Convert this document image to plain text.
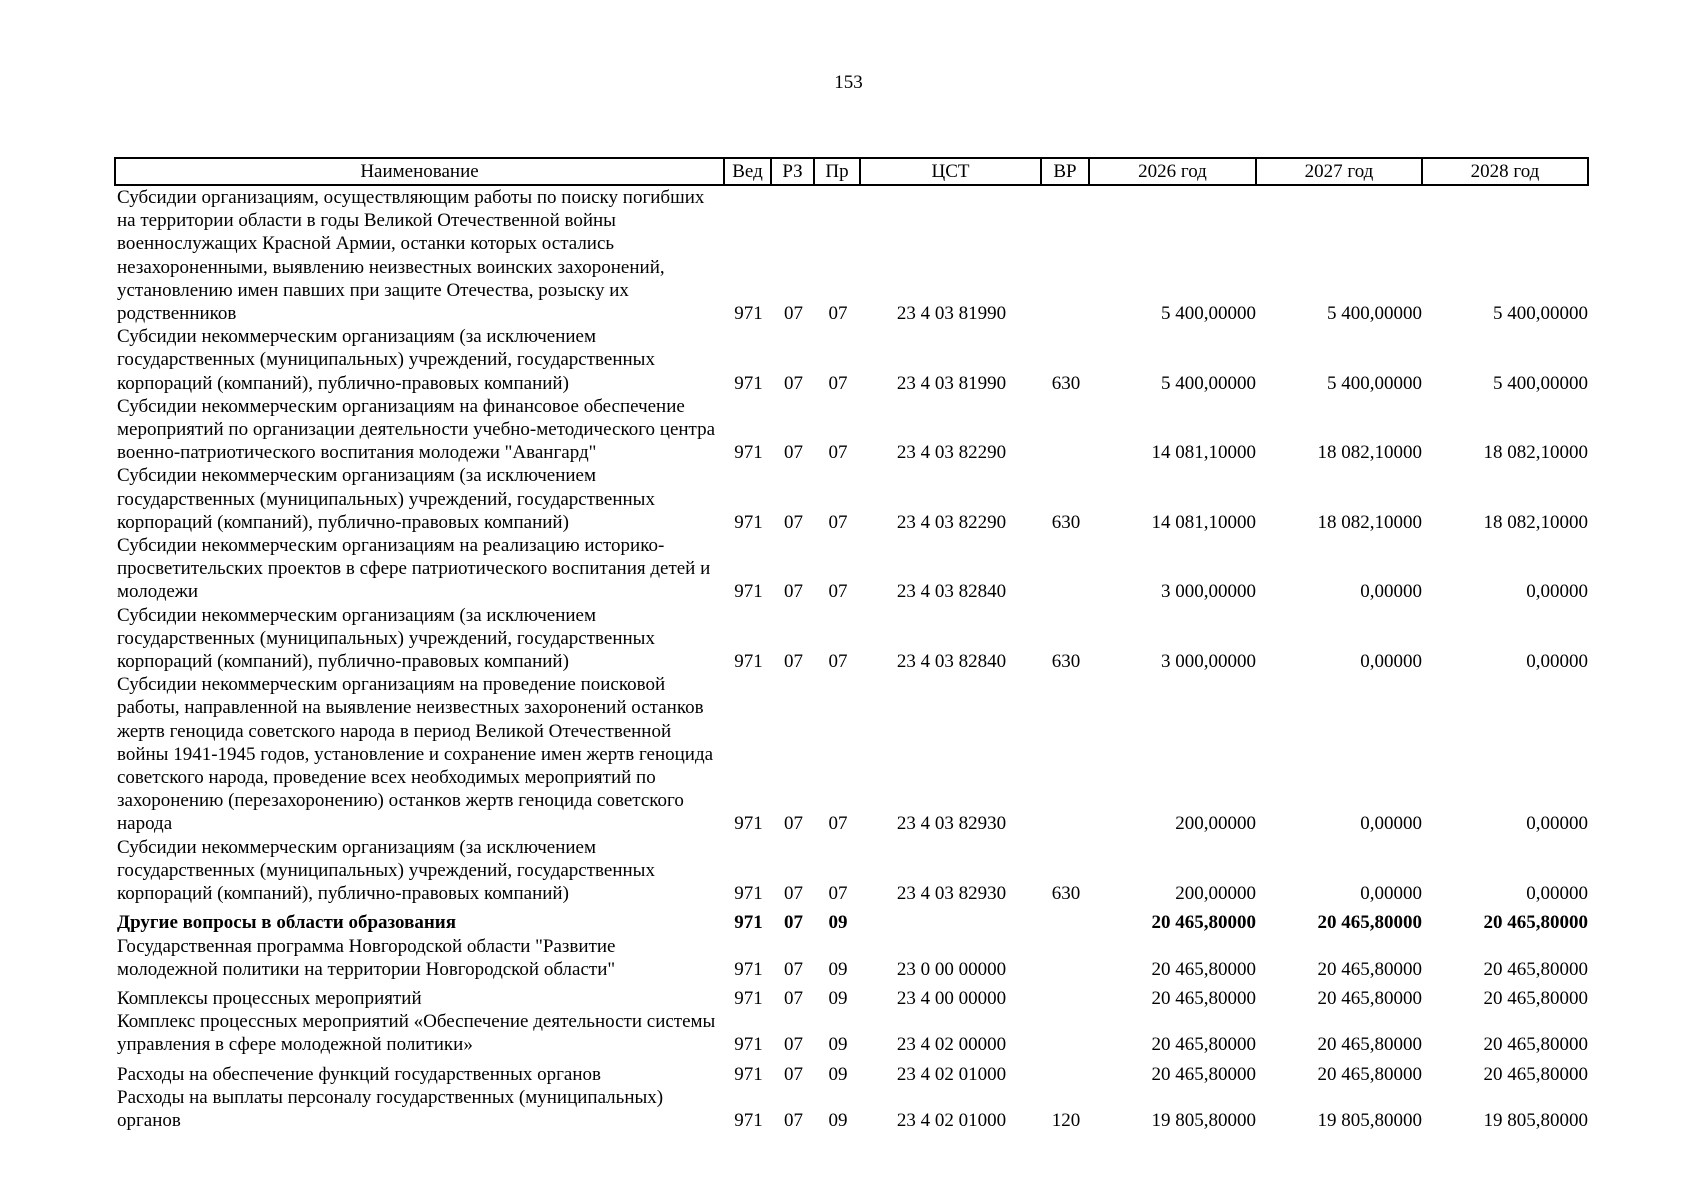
153
Наименование	Вед	РЗ	Пр	ЦСТ	ВР	2026 год	2027 год	2028 год
Субсидии организациям, осуществляющим работы по поиску погибших на территории области в годы Великой Отечественной войны военнослужащих Красной Армии, останки которых остались незахороненными, выявлению неизвестных воинских захоронений, установлению имен павших при защите Отечества, розыску их родственников	971	07	07	23 4 03 81990		5 400,00000	5 400,00000	5 400,00000
Субсидии некоммерческим организациям (за исключением государственных (муниципальных) учреждений, государственных корпораций (компаний), публично-правовых компаний)	971	07	07	23 4 03 81990	630	5 400,00000	5 400,00000	5 400,00000
Субсидии некоммерческим организациям на финансовое обеспечение мероприятий по организации деятельности учебно-методического центра военно-патриотического воспитания молодежи "Авангард"	971	07	07	23 4 03 82290		14 081,10000	18 082,10000	18 082,10000
Субсидии некоммерческим организациям (за исключением государственных (муниципальных) учреждений, государственных корпораций (компаний), публично-правовых компаний)	971	07	07	23 4 03 82290	630	14 081,10000	18 082,10000	18 082,10000
Субсидии некоммерческим организациям на реализацию историко-просветительских проектов в сфере патриотического воспитания детей и молодежи	971	07	07	23 4 03 82840		3 000,00000	0,00000	0,00000
Субсидии некоммерческим организациям (за исключением государственных (муниципальных) учреждений, государственных корпораций (компаний), публично-правовых компаний)	971	07	07	23 4 03 82840	630	3 000,00000	0,00000	0,00000
Субсидии некоммерческим организациям на проведение поисковой работы, направленной на выявление неизвестных захоронений останков жертв геноцида советского народа в период Великой Отечественной войны 1941-1945 годов, установление и сохранение имен жертв геноцида советского народа, проведение всех необходимых мероприятий по захоронению (перезахоронению) останков жертв геноцида советского народа	971	07	07	23 4 03 82930		200,00000	0,00000	0,00000
Субсидии некоммерческим организациям (за исключением государственных (муниципальных) учреждений, государственных корпораций (компаний), публично-правовых компаний)	971	07	07	23 4 03 82930	630	200,00000	0,00000	0,00000
Другие вопросы в области образования	971	07	09			20 465,80000	20 465,80000	20 465,80000
Государственная программа Новгородской области "Развитие молодежной политики на территории Новгородской области"	971	07	09	23 0 00 00000		20 465,80000	20 465,80000	20 465,80000
Комплексы процессных мероприятий	971	07	09	23 4 00 00000		20 465,80000	20 465,80000	20 465,80000
Комплекс процессных мероприятий «Обеспечение деятельности системы управления в сфере молодежной политики»	971	07	09	23 4 02 00000		20 465,80000	20 465,80000	20 465,80000
Расходы на обеспечение функций государственных органов	971	07	09	23 4 02 01000		20 465,80000	20 465,80000	20 465,80000
Расходы на выплаты персоналу государственных (муниципальных) органов	971	07	09	23 4 02 01000	120	19 805,80000	19 805,80000	19 805,80000
